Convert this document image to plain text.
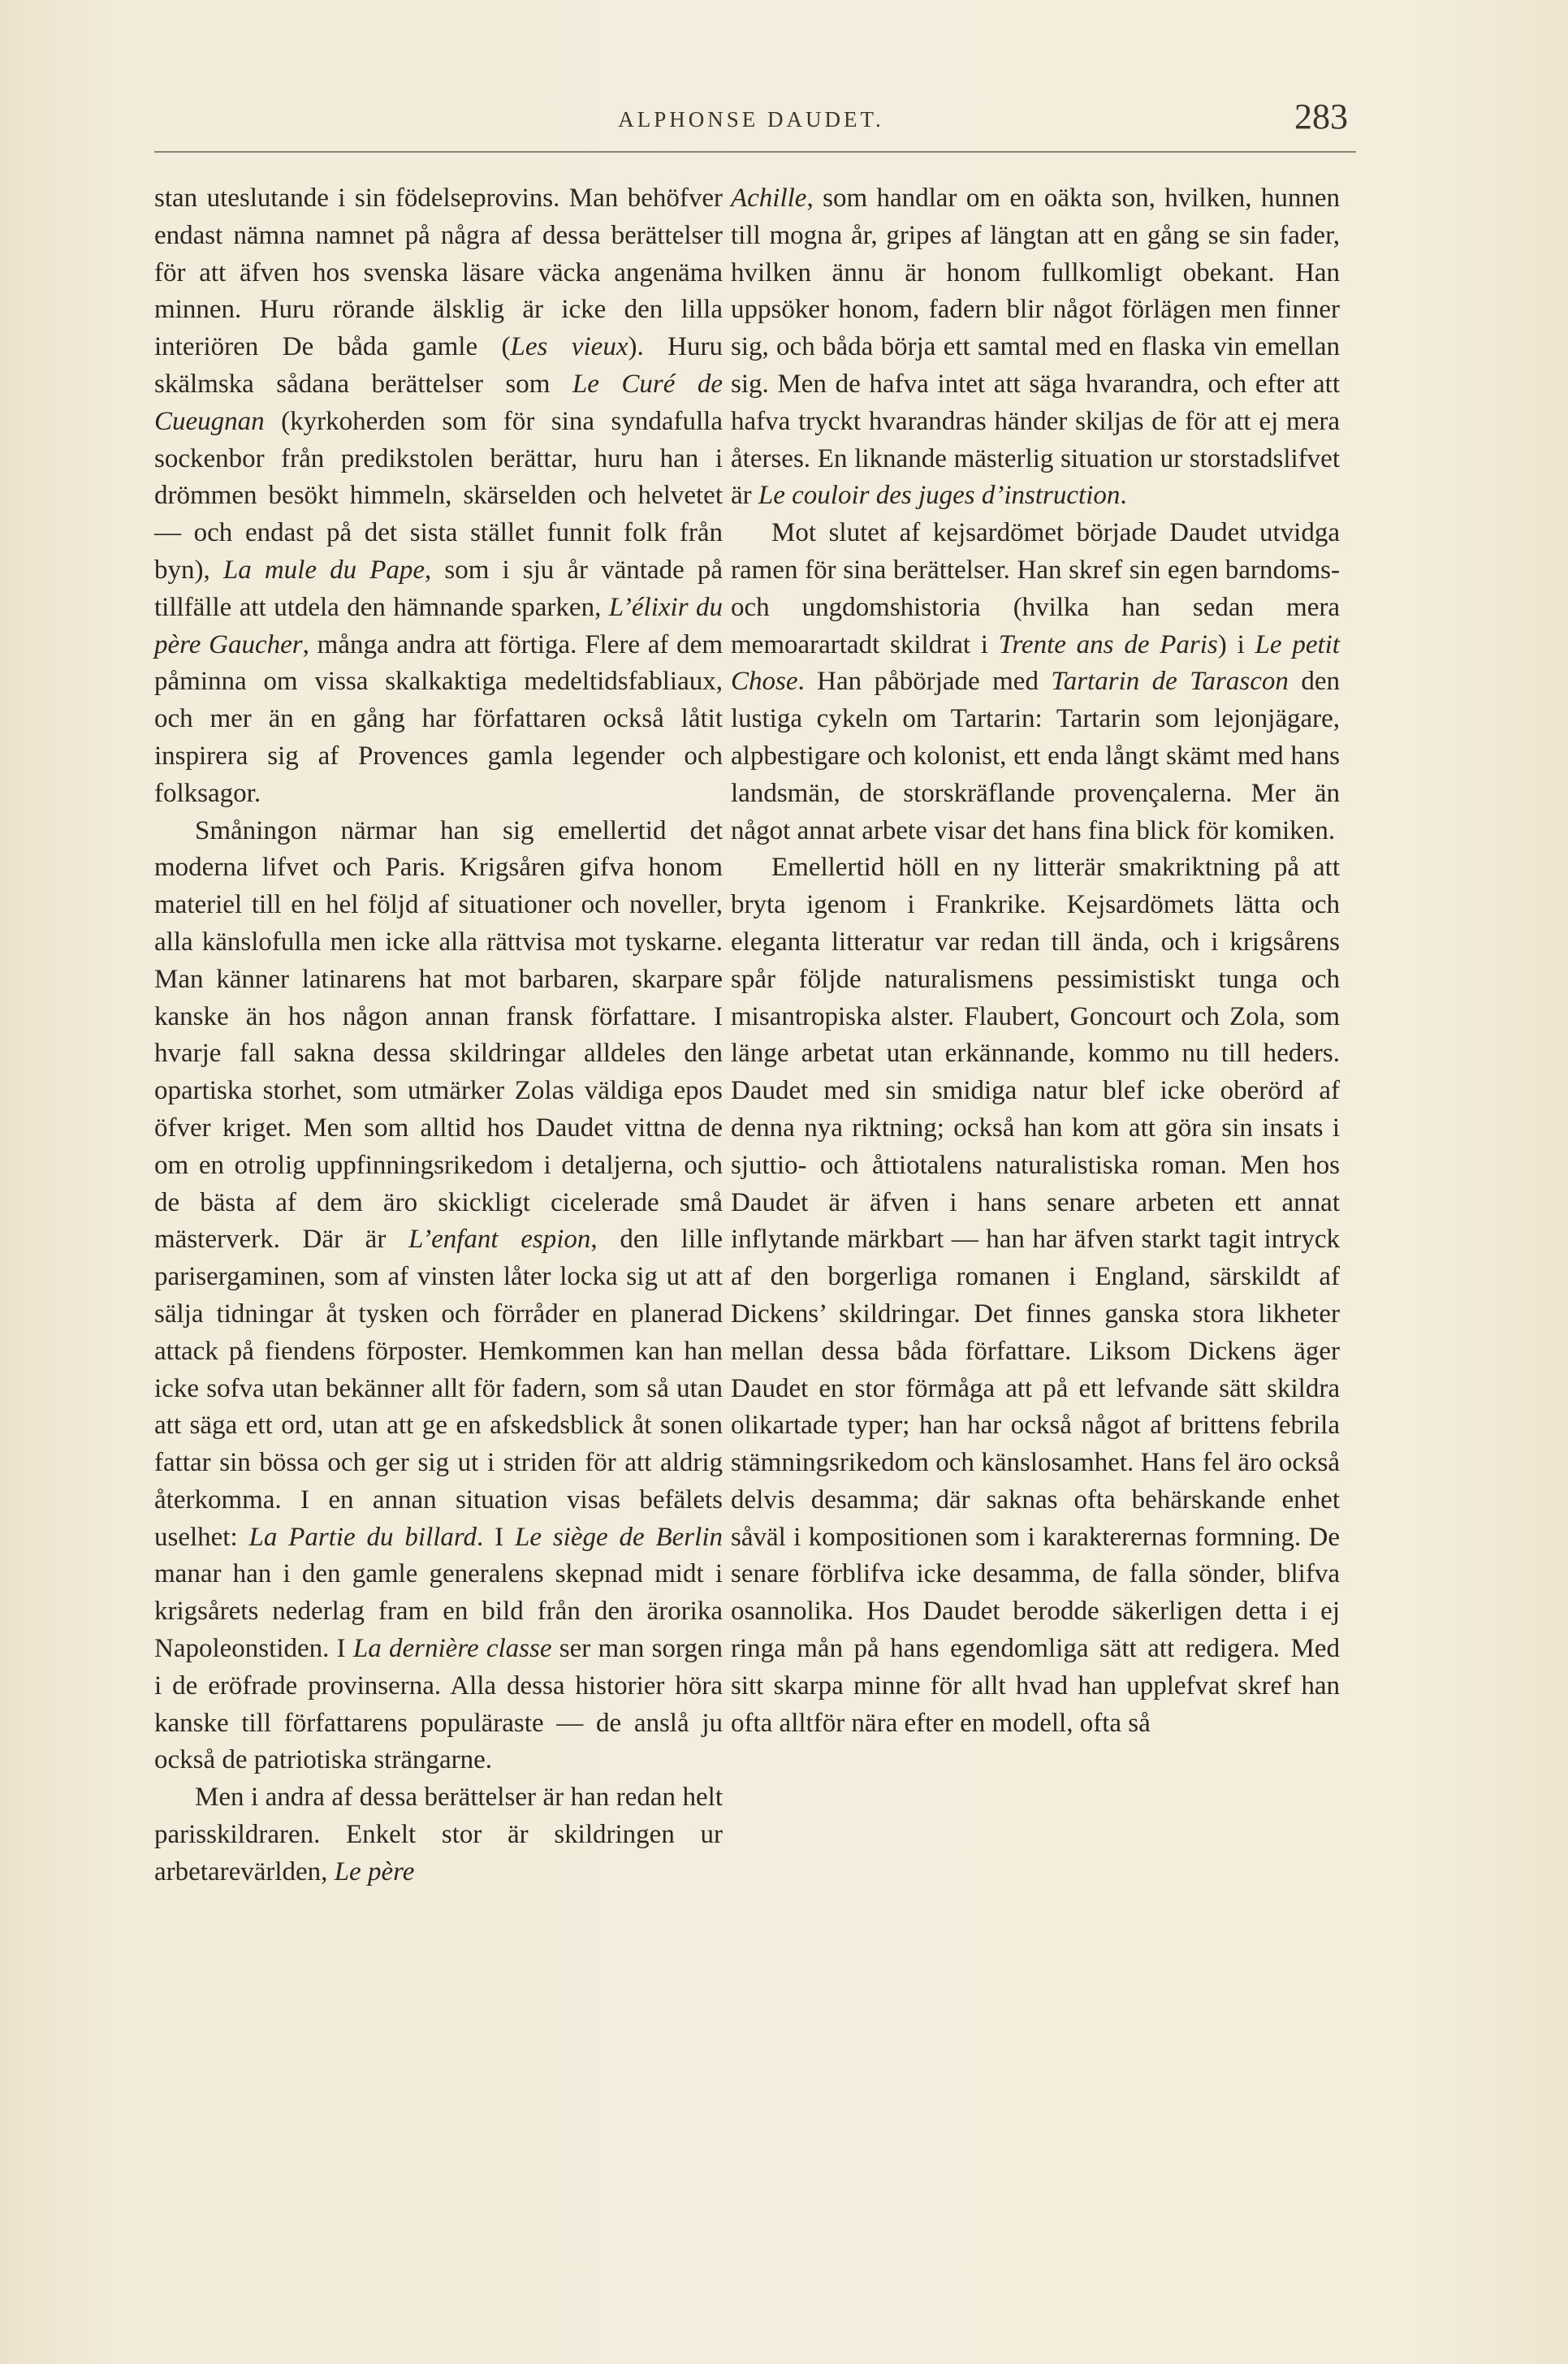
ALPHONSE DAUDET.	283

stan uteslutande i sin födelseprovins. Man behöfver endast nämna namnet på några af dessa berättelser för att äfven hos svenska läsare väcka angenäma minnen. Huru rörande älsklig är icke den lilla interiören De båda gamle (Les vieux). Huru skälmska sådana berättelser som Le Curé de Cueugnan (kyrkoherden som för sina syndafulla sockenbor från predikstolen berättar, huru han i drömmen besökt himmeln, skärselden och helvetet — och endast på det sista stället funnit folk från byn), La mule du Pape, som i sju år väntade på tillfälle att utdela den hämnande sparken, L’élixir du père Gaucher, många andra att förtiga. Flere af dem påminna om vissa skalkaktiga medeltidsfabliaux, och mer än en gång har författaren också låtit inspirera sig af Provences gamla legender och folksagor.

Småningon närmar han sig emellertid det moderna lifvet och Paris. Krigsåren gifva honom materiel till en hel följd af situationer och noveller, alla känslofulla men icke alla rättvisa mot tyskarne. Man känner latinarens hat mot barbaren, skarpare kanske än hos någon annan fransk författare. I hvarje fall sakna dessa skildringar alldeles den opartiska storhet, som utmärker Zolas väldiga epos öfver kriget. Men som alltid hos Daudet vittna de om en otrolig uppfinningsrikedom i detaljerna, och de bästa af dem äro skickligt ciceleradе små mästerverk. Där är L’enfant espion, den lille parisergaminen, som af vinsten låter locka sig ut att sälja tidningar åt tysken och förråder en planerad attack på fiendens förposter. Hemkommen kan han icke sofva utan bekänner allt för fadern, som så utan att säga ett ord, utan att ge en afskedsblick åt sonen fattar sin bössa och ger sig ut i striden för att aldrig återkomma. I en annan situation visas befälets uselhet: La Partie du billard. I Le siège de Berlin manar han i den gamle generalens skepnad midt i krigsårets nederlag fram en bild från den ärorika Napoleonstiden. I La dernière classe ser man sorgen i de eröfrade provinserna. Alla dessa historier höra kanske till författarens populäraste — de anslå ju också de patriotiska strängarne.

Men i andra af dessa berättelser är han redan helt parisskildraren. Enkelt stor är skildringen ur arbetarevärlden, Le père

Achille, som handlar om en oäkta son, hvilken, hunnen till mogna år, gripes af längtan att en gång se sin fader, hvilken ännu är honom fullkomligt obekant. Han uppsöker honom, fadern blir något förlägen men finner sig, och båda börja ett samtal med en flaska vin emellan sig. Men de hafva intet att säga hvarandra, och efter att hafva tryckt hvarandras händer skiljas de för att ej mera återses. En liknande mästerlig situation ur storstadslifvet är Le couloir des juges d’instruction.

Mot slutet af kejsardömet började Daudet utvidga ramen för sina berättelser. Han skref sin egen barndoms- och ungdomshistoria (hvilka han sedan mera memoarartadt skildrat i Trente ans de Paris) i Le petit Chose. Han påbörjade med Tartarin de Tarascon den lustiga cykeln om Tartarin: Tartarin som lejonjägare, alpbestigare och kolonist, ett enda långt skämt med hans landsmän, de storskräflande provençalerna. Mer än något annat arbete visar det hans fina blick för komiken.

Emellertid höll en ny litterär smakriktning på att bryta igenom i Frankrike. Kejsardömets lätta och eleganta litteratur var redan till ända, och i krigsårens spår följde naturalismens pessimistiskt tunga och misantropiska alster. Flaubert, Goncourt och Zola, som länge arbetat utan erkännande, kommo nu till heders. Daudet med sin smidiga natur blef icke oberörd af denna nya riktning; också han kom att göra sin insats i sjuttio- och åttiotalens naturalistiska roman. Men hos Daudet är äfven i hans senare arbeten ett annat inflytande märkbart — han har äfven starkt tagit intryck af den borgerliga romanen i England, särskildt af Dickens’ skildringar. Det finnes ganska stora likheter mellan dessa båda författare. Liksom Dickens äger Daudet en stor förmåga att på ett lefvande sätt skildra olikartade typer; han har också något af brittens febrila stämningsrikedom och känslosamhet. Hans fel äro också delvis desamma; där saknas ofta behärskande enhet såväl i kompositionen som i karakterernas formning. De senare förblifva icke desamma, de falla sönder, blifva osannolika. Hos Daudet berodde säkerligen detta i ej ringa mån på hans egendomliga sätt att redigera. Med sitt skarpa minne för allt hvad han upplefvat skref han ofta alltför nära efter en modell, ofta så
